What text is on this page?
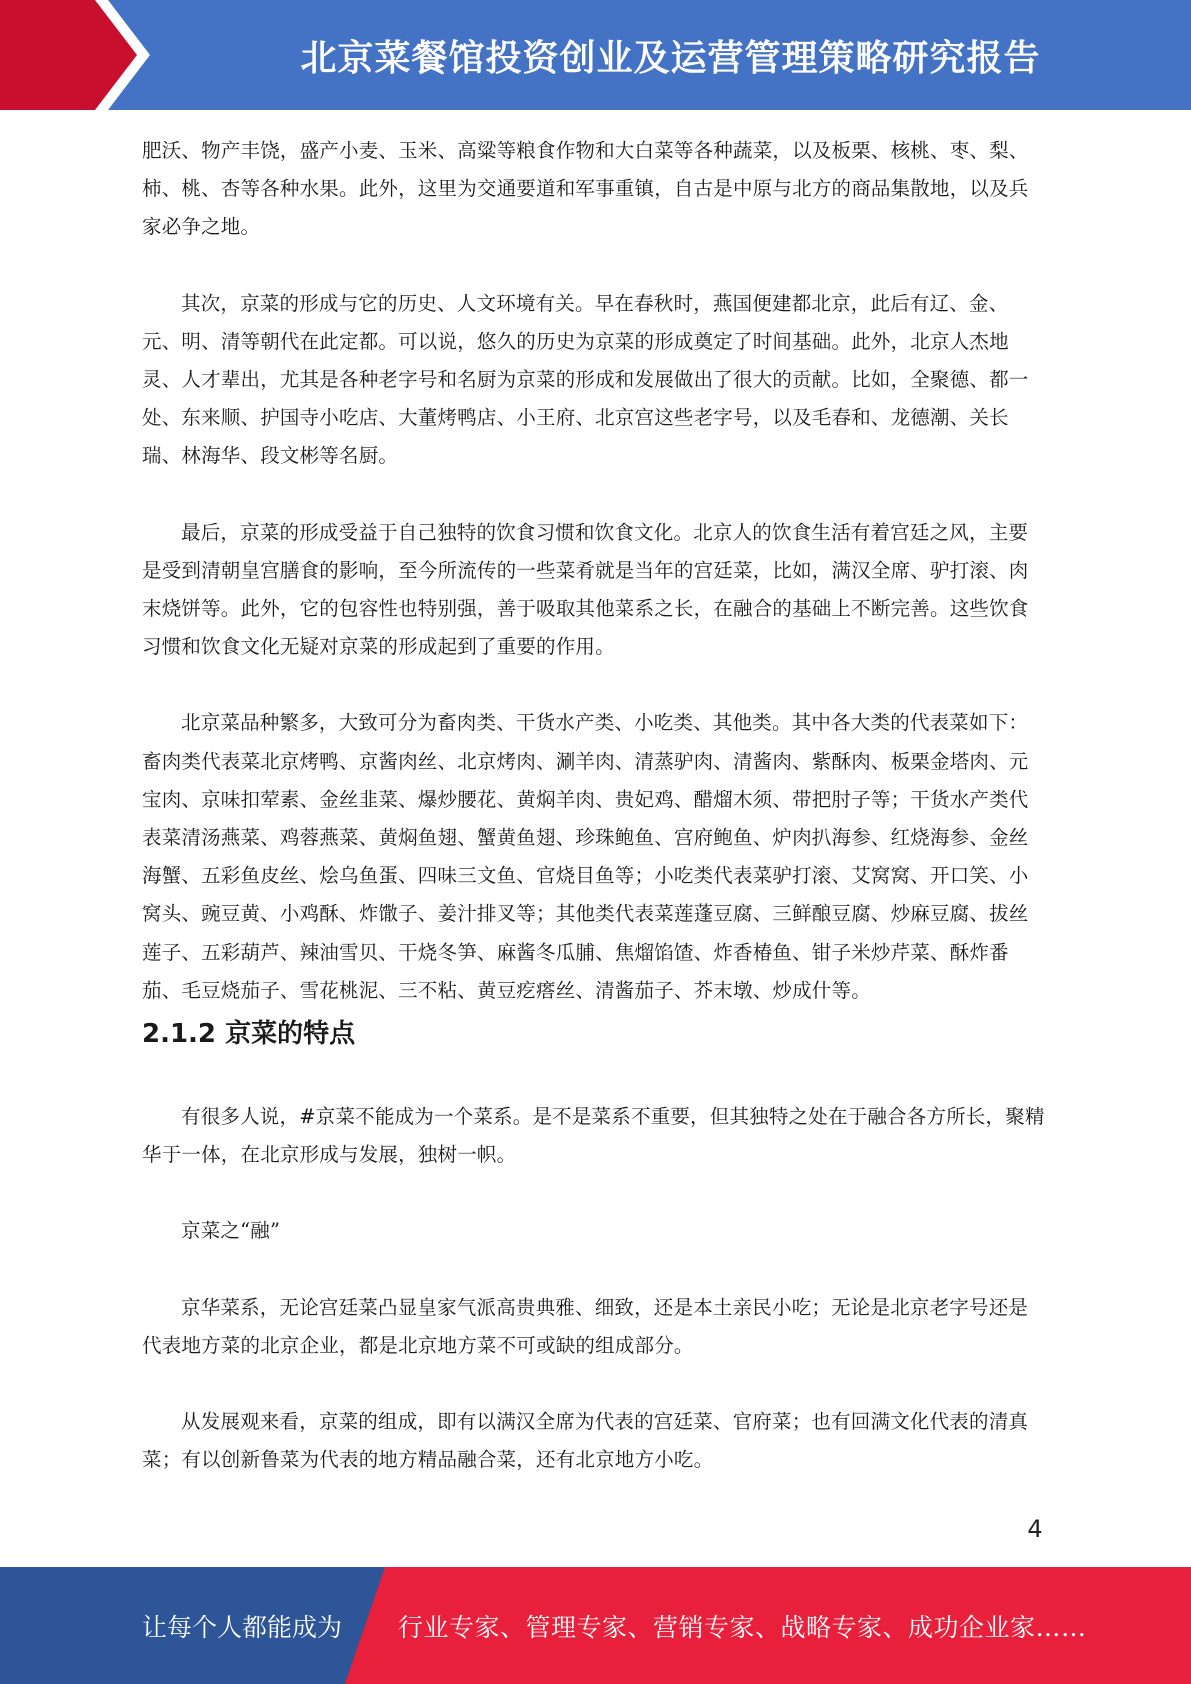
北京菜餐馆投资创业及运营管理策略研究报告

肥沃、物产丰饶，盛产小麦、玉米、高粱等粮食作物和大白菜等各种蔬菜，以及板栗、核桃、枣、梨、柿、桃、杏等各种水果。此外，这里为交通要道和军事重镇，自古是中原与北方的商品集散地，以及兵家必争之地。

其次，京菜的形成与它的历史、人文环境有关。早在春秋时，燕国便建都北京，此后有辽、金、元、明、清等朝代在此定都。可以说，悠久的历史为京菜的形成奠定了时间基础。此外，北京人杰地灵、人才辈出，尤其是各种老字号和名厨为京菜的形成和发展做出了很大的贡献。比如，全聚德、都一处、东来顺、护国寺小吃店、大董烤鸭店、小王府、北京宫这些老字号，以及毛春和、龙德潮、关长瑞、林海华、段文彬等名厨。

最后，京菜的形成受益于自己独特的饮食习惯和饮食文化。北京人的饮食生活有着宫廷之风，主要是受到清朝皇宫膳食的影响，至今所流传的一些菜肴就是当年的宫廷菜，比如，满汉全席、驴打滚、肉末烧饼等。此外，它的包容性也特别强，善于吸取其他菜系之长，在融合的基础上不断完善。这些饮食习惯和饮食文化无疑对京菜的形成起到了重要的作用。

北京菜品种繁多，大致可分为畜肉类、干货水产类、小吃类、其他类。其中各大类的代表菜如下：畜肉类代表菜北京烤鸭、京酱肉丝、北京烤肉、涮羊肉、清蒸驴肉、清酱肉、紫酥肉、板栗金塔肉、元宝肉、京味扣荤素、金丝韭菜、爆炒腰花、黄焖羊肉、贵妃鸡、醋熘木须、带把肘子等；干货水产类代表菜清汤燕菜、鸡蓉燕菜、黄焖鱼翅、蟹黄鱼翅、珍珠鲍鱼、宫府鲍鱼、炉肉扒海参、红烧海参、金丝海蟹、五彩鱼皮丝、烩乌鱼蛋、四味三文鱼、官烧目鱼等；小吃类代表菜驴打滚、艾窝窝、开口笑、小窝头、豌豆黄、小鸡酥、炸馓子、姜汁排叉等；其他类代表菜莲蓬豆腐、三鲜酿豆腐、炒麻豆腐、拔丝莲子、五彩葫芦、辣油雪贝、干烧冬笋、麻酱冬瓜脯、焦熘馅馇、炸香椿鱼、钳子米炒芹菜、酥炸番茄、毛豆烧茄子、雪花桃泥、三不粘、黄豆疙瘩丝、清酱茄子、芥末墩、炒成什等。

2.1.2 京菜的特点

有很多人说，#京菜不能成为一个菜系。是不是菜系不重要，但其独特之处在于融合各方所长，聚精华于一体，在北京形成与发展，独树一帜。

京菜之“融”

京华菜系，无论宫廷菜凸显皇家气派高贵典雅、细致，还是本土亲民小吃；无论是北京老字号还是代表地方菜的北京企业，都是北京地方菜不可或缺的组成部分。

从发展观来看，京菜的组成，即有以满汉全席为代表的宫廷菜、官府菜；也有回满文化代表的清真菜；有以创新鲁菜为代表的地方精品融合菜，还有北京地方小吃。

4
让每个人都能成为 行业专家、管理专家、营销专家、战略专家、成功企业家……
